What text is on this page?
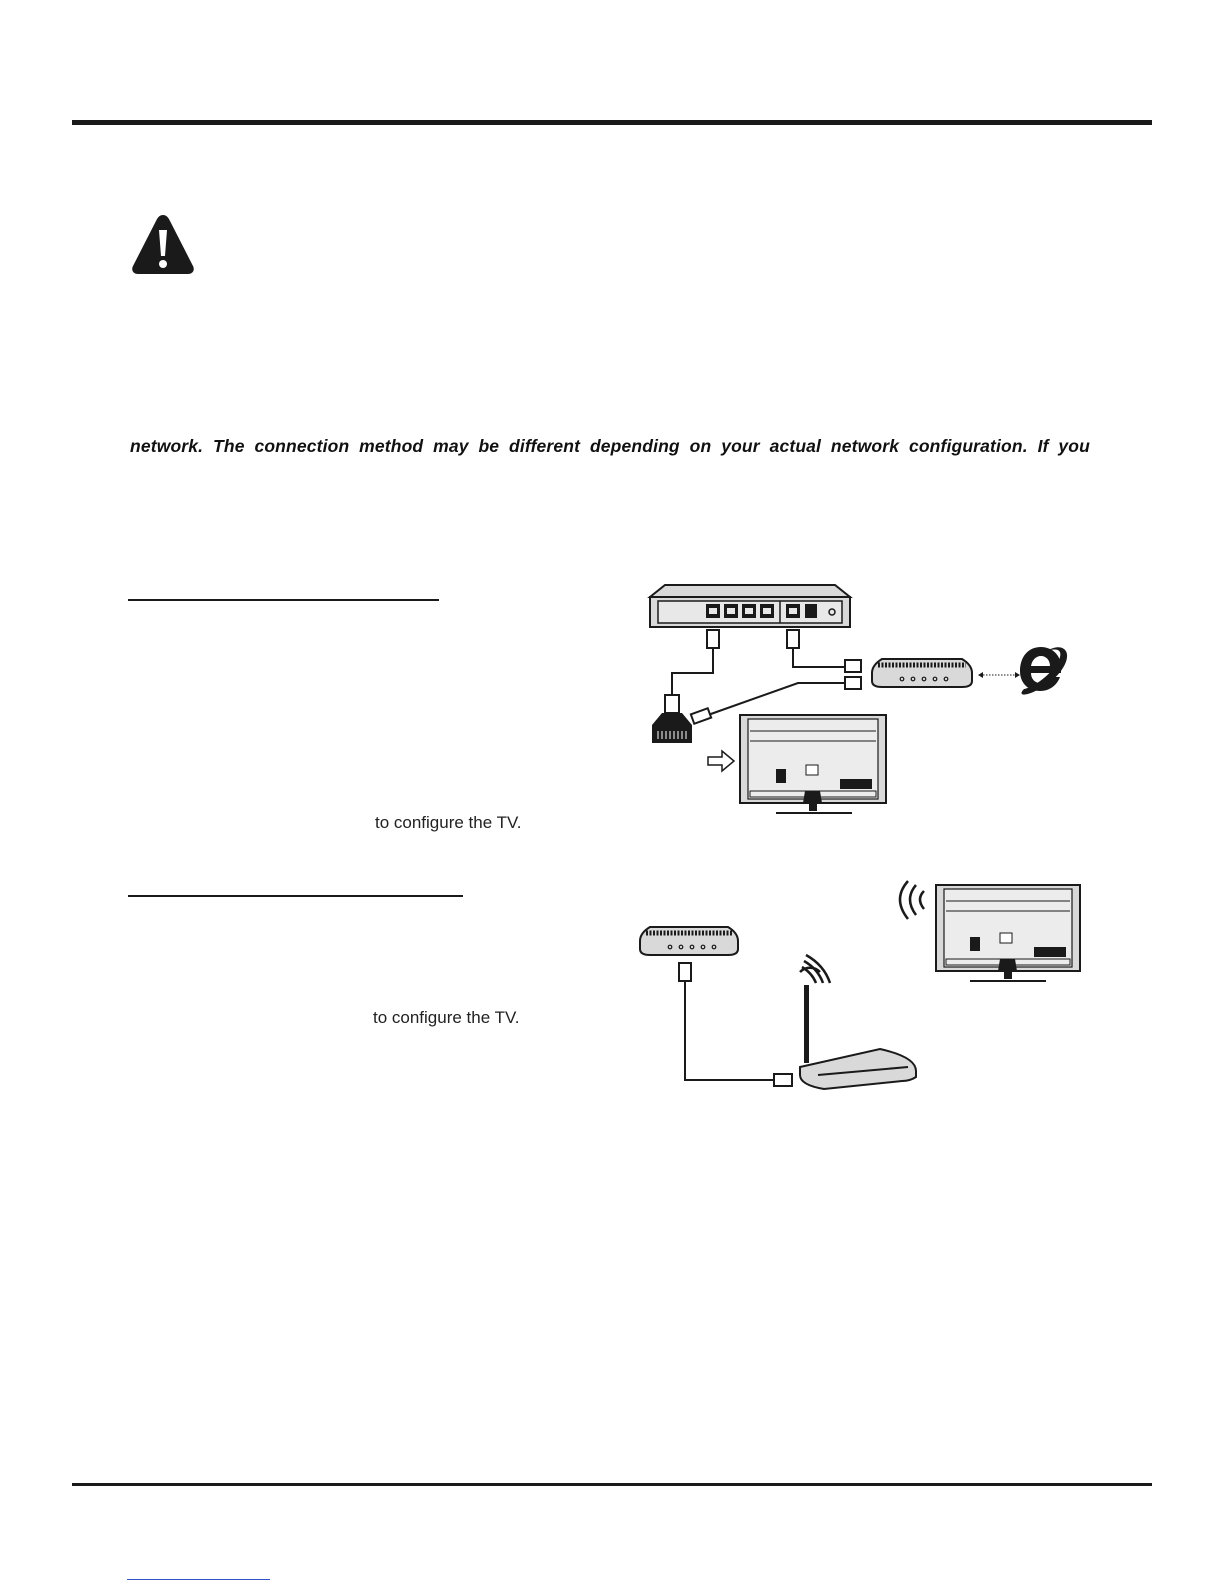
network. The connection method may be different depending on your actual network configuration. If you
to configure the TV.
to configure the TV.
